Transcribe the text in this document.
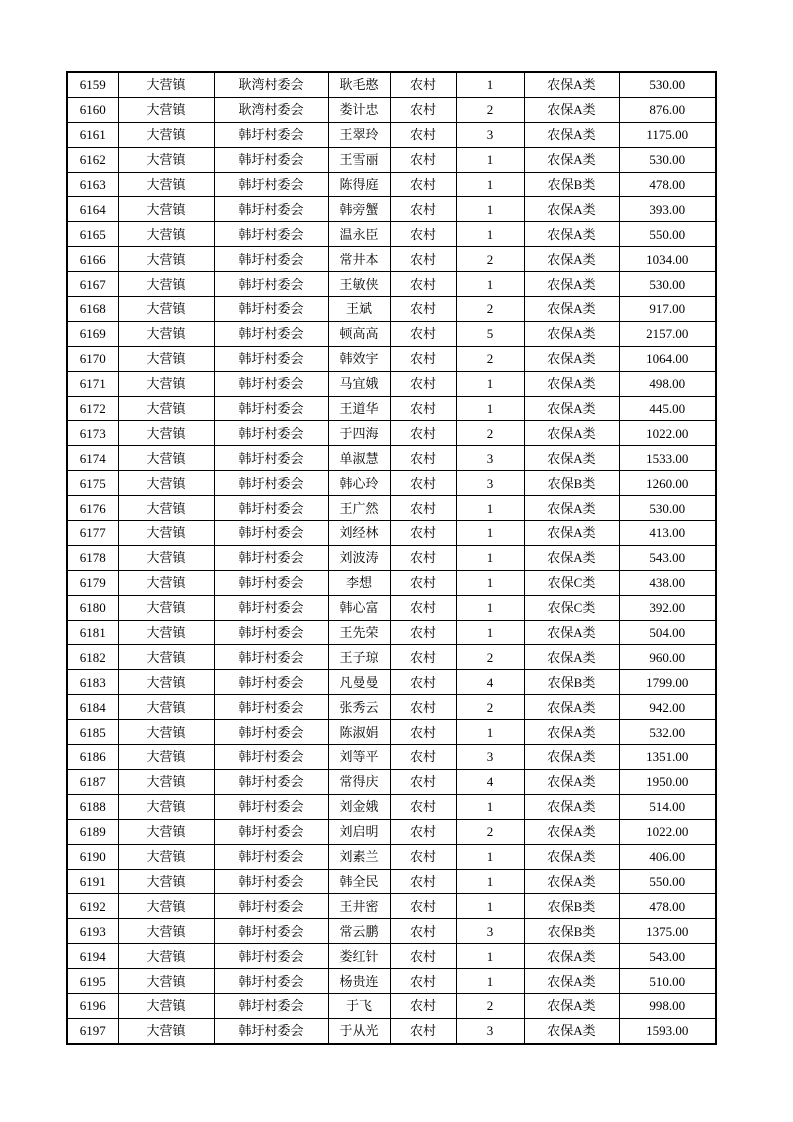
6159	大营镇	耿湾村委会	耿毛憨	农村	1	农保A类	530.00
6160	大营镇	耿湾村委会	娄计忠	农村	2	农保A类	876.00
6161	大营镇	韩圩村委会	王翠玲	农村	3	农保A类	1175.00
6162	大营镇	韩圩村委会	王雪丽	农村	1	农保A类	530.00
6163	大营镇	韩圩村委会	陈得庭	农村	1	农保B类	478.00
6164	大营镇	韩圩村委会	韩旁蟹	农村	1	农保A类	393.00
6165	大营镇	韩圩村委会	温永臣	农村	1	农保A类	550.00
6166	大营镇	韩圩村委会	常井本	农村	2	农保A类	1034.00
6167	大营镇	韩圩村委会	王敏侠	农村	1	农保A类	530.00
6168	大营镇	韩圩村委会	王斌	农村	2	农保A类	917.00
6169	大营镇	韩圩村委会	顿高高	农村	5	农保A类	2157.00
6170	大营镇	韩圩村委会	韩效宇	农村	2	农保A类	1064.00
6171	大营镇	韩圩村委会	马宜娥	农村	1	农保A类	498.00
6172	大营镇	韩圩村委会	王道华	农村	1	农保A类	445.00
6173	大营镇	韩圩村委会	于四海	农村	2	农保A类	1022.00
6174	大营镇	韩圩村委会	单淑慧	农村	3	农保A类	1533.00
6175	大营镇	韩圩村委会	韩心玲	农村	3	农保B类	1260.00
6176	大营镇	韩圩村委会	王广然	农村	1	农保A类	530.00
6177	大营镇	韩圩村委会	刘经林	农村	1	农保A类	413.00
6178	大营镇	韩圩村委会	刘波涛	农村	1	农保A类	543.00
6179	大营镇	韩圩村委会	李想	农村	1	农保C类	438.00
6180	大营镇	韩圩村委会	韩心富	农村	1	农保C类	392.00
6181	大营镇	韩圩村委会	王先荣	农村	1	农保A类	504.00
6182	大营镇	韩圩村委会	王子琼	农村	2	农保A类	960.00
6183	大营镇	韩圩村委会	凡曼曼	农村	4	农保B类	1799.00
6184	大营镇	韩圩村委会	张秀云	农村	2	农保A类	942.00
6185	大营镇	韩圩村委会	陈淑娟	农村	1	农保A类	532.00
6186	大营镇	韩圩村委会	刘等平	农村	3	农保A类	1351.00
6187	大营镇	韩圩村委会	常得庆	农村	4	农保A类	1950.00
6188	大营镇	韩圩村委会	刘金娥	农村	1	农保A类	514.00
6189	大营镇	韩圩村委会	刘启明	农村	2	农保A类	1022.00
6190	大营镇	韩圩村委会	刘素兰	农村	1	农保A类	406.00
6191	大营镇	韩圩村委会	韩全民	农村	1	农保A类	550.00
6192	大营镇	韩圩村委会	王井密	农村	1	农保B类	478.00
6193	大营镇	韩圩村委会	常云鹏	农村	3	农保B类	1375.00
6194	大营镇	韩圩村委会	娄红针	农村	1	农保A类	543.00
6195	大营镇	韩圩村委会	杨贵连	农村	1	农保A类	510.00
6196	大营镇	韩圩村委会	于飞	农村	2	农保A类	998.00
6197	大营镇	韩圩村委会	于从光	农村	3	农保A类	1593.00
